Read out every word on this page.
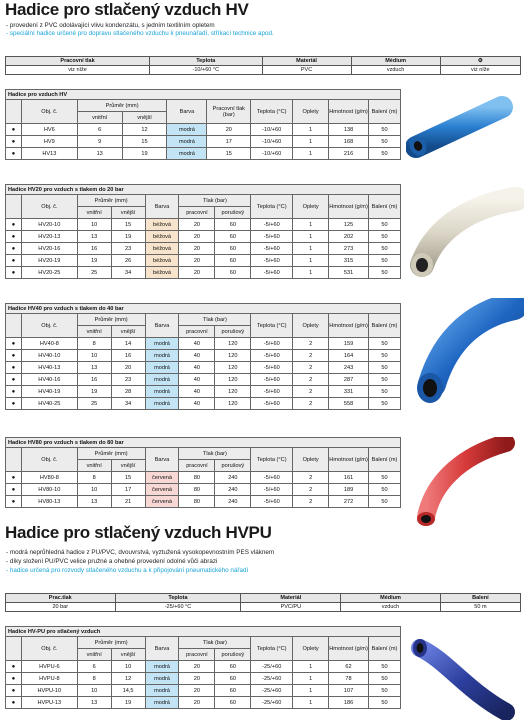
Hadice pro stlačený vzduch HV
- provedení z PVC odolávající vlivu kondenzátu, s jedním textilním opletem
- speciální hadice určené pro dopravu stlačeného vzduchu k pneunářadí, stříkací technice apod.
Pracovní tlak	Teplota	Materiál	Médium	⚙
viz níže	-10/+60 °C	PVC	vzduch	viz níže
Hadice pro vzduch HV									
	Obj. č.	Průměr (mm)		Barva	Pracovní tlak (bar)	Teplota (°C)	Oplety	Hmotnost (g/m)	Balení (m)
		vnitřní	vnější						
●	HV6	6	12	modrá	20	-10/+60	1	138	50
●	HV9	9	15	modrá	17	-10/+60	1	168	50
●	HV13	13	19	modrá	15	-10/+60	1	216	50
Hadice HV20 pro vzduch s tlakem do 20 bar										
	Obj. č.	Průměr (mm)		Barva	Tlak (bar)		Teplota (°C)	Oplety	Hmotnost (g/m)	Balení (m)
		vnitřní	vnější		pracovní	porušový				
●	HV20-10	10	15	béžová	20	60	-5/+60	1	125	50
●	HV20-13	13	19	béžová	20	60	-5/+60	1	202	50
●	HV20-16	16	23	béžová	20	60	-5/+60	1	273	50
●	HV20-19	19	26	béžová	20	60	-5/+60	1	315	50
●	HV20-25	25	34	béžová	20	60	-5/+60	1	531	50
Hadice HV40 pro vzduch s tlakem do 40 bar										
	Obj. č.	Průměr (mm)		Barva	Tlak (bar)		Teplota (°C)	Oplety	Hmotnost (g/m)	Balení (m)
		vnitřní	vnější		pracovní	porušový				
●	HV40-8	8	14	modrá	40	120	-5/+60	2	159	50
●	HV40-10	10	16	modrá	40	120	-5/+60	2	164	50
●	HV40-13	13	20	modrá	40	120	-5/+60	2	243	50
●	HV40-16	16	23	modrá	40	120	-5/+60	2	287	50
●	HV40-19	19	28	modrá	40	120	-5/+60	2	331	50
●	HV40-25	25	34	modrá	40	120	-5/+60	2	558	50
Hadice HV80 pro vzduch s tlakem do 80 bar										
	Obj. č.	Průměr (mm)		Barva	Tlak (bar)		Teplota (°C)	Oplety	Hmotnost (g/m)	Balení (m)
		vnitřní	vnější		pracovní	porušový				
●	HV80-8	8	15	červená	80	240	-5/+60	2	161	50
●	HV80-10	10	17	červená	80	240	-5/+60	2	189	50
●	HV80-13	13	21	červená	80	240	-5/+60	2	272	50
Hadice pro stlačený vzduch HVPU
- modrá neprůhledná hadice z PU/PVC, dvouvrstvá, vyztužená vysokopevnostním PES vláknem
- díky složení PU/PVC velice pružné a ohebné provedení odolné vůči abrazi
- hadice určená pro rozvody stlačeného vzduchu a k připojování pneumatického nářadí
Prac.tlak	Teplota	Materiál	Médium	Balení
20 bar	-25/+60 °C	PVC/PU	vzduch	50 m
Hadice HV-PU pro stlačený vzduch										
	Obj. č.	Průměr (mm)		Barva	Tlak (bar)		Teplota (°C)	Oplety	Hmotnost (g/m)	Balení (m)
		vnitřní	vnější		pracovní	porušový				
●	HVPU-6	6	10	modrá	20	60	-25/+60	1	62	50
●	HVPU-8	8	12	modrá	20	60	-25/+60	1	78	50
●	HVPU-10	10	14,5	modrá	20	60	-25/+60	1	107	50
●	HVPU-13	13	19	modrá	20	60	-25/+60	1	186	50
